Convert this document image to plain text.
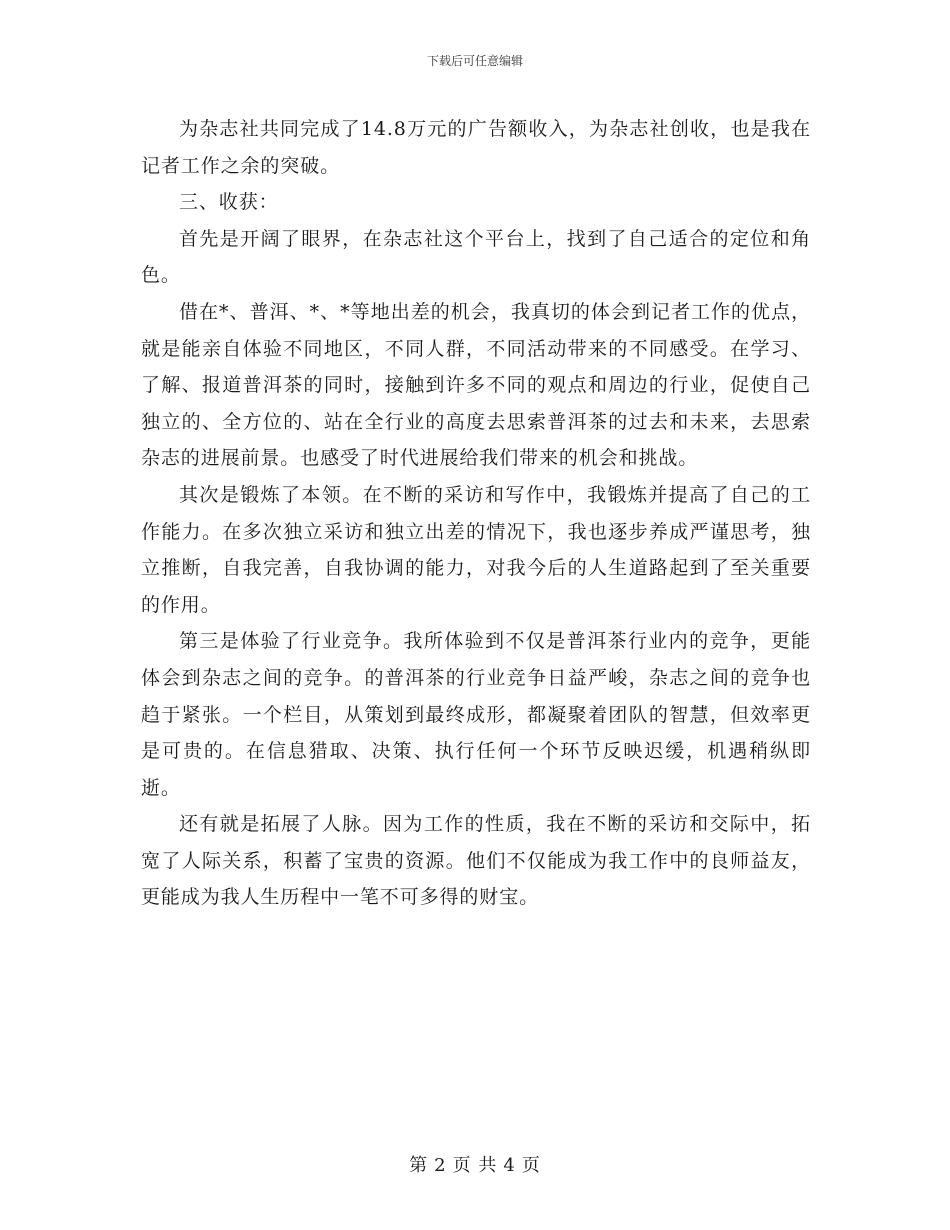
下载后可任意编辑

为杂志社共同完成了14.8万元的广告额收入，为杂志社创收，也是我在记者工作之余的突破。

三、收获：

首先是开阔了眼界，在杂志社这个平台上，找到了自己适合的定位和角色。

借在*、普洱、*、*等地出差的机会，我真切的体会到记者工作的优点，就是能亲自体验不同地区，不同人群，不同活动带来的不同感受。在学习、了解、报道普洱茶的同时，接触到许多不同的观点和周边的行业，促使自己独立的、全方位的、站在全行业的高度去思索普洱茶的过去和未来，去思索杂志的进展前景。也感受了时代进展给我们带来的机会和挑战。

其次是锻炼了本领。在不断的采访和写作中，我锻炼并提高了自己的工作能力。在多次独立采访和独立出差的情况下，我也逐步养成严谨思考，独立推断，自我完善，自我协调的能力，对我今后的人生道路起到了至关重要的作用。

第三是体验了行业竞争。我所体验到不仅是普洱茶行业内的竞争，更能体会到杂志之间的竞争。的普洱茶的行业竞争日益严峻，杂志之间的竞争也趋于紧张。一个栏目，从策划到最终成形，都凝聚着团队的智慧，但效率更是可贵的。在信息猎取、决策、执行任何一个环节反映迟缓，机遇稍纵即逝。

还有就是拓展了人脉。因为工作的性质，我在不断的采访和交际中，拓宽了人际关系，积蓄了宝贵的资源。他们不仅能成为我工作中的良师益友，更能成为我人生历程中一笔不可多得的财宝。

第 2 页 共 4 页
